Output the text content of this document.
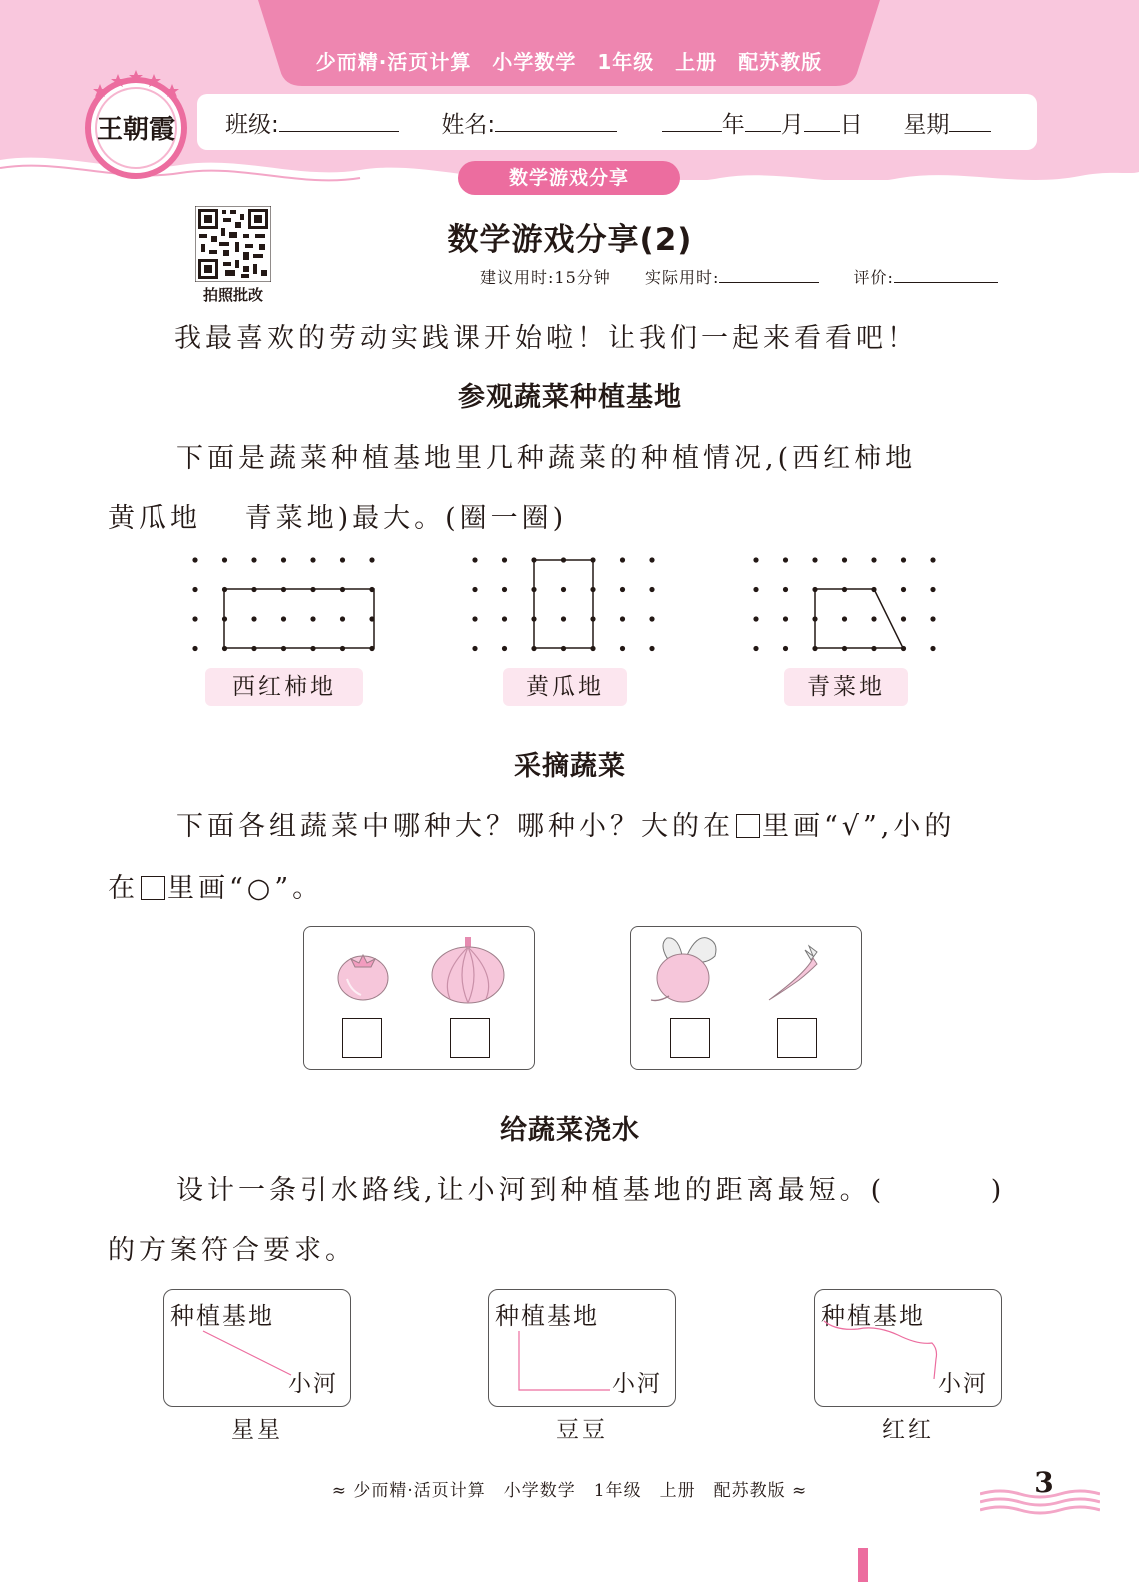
少而精·活页计算　小学数学　1年级　上册　配苏教版
班级:	姓名:	年 月 日 星期
数学游戏分享
王朝霞
拍照批改
数学游戏分享(2)
建议用时:15分钟 实际用时:	评价:
我最喜欢的劳动实践课开始啦！让我们一起来看看吧！
参观蔬菜种植基地
下面是蔬菜种植基地里几种蔬菜的种植情况,(西红柿地
黄瓜地　 青菜地)最大。(圈一圈)
西红柿地	黄瓜地	青菜地
采摘蔬菜
下面各组蔬菜中哪种大？哪种小？大的在 里画“√”,小的
在 里画“○”。
给蔬菜浇水
设计一条引水路线,让小河到种植基地的距离最短。(　　　 )
的方案符合要求。
种植基地
小河
星星
种植基地
小河
豆豆
种植基地
小河
红红
≈ 少而精·活页计算　小学数学　1年级　上册　配苏教版 ≈	3
